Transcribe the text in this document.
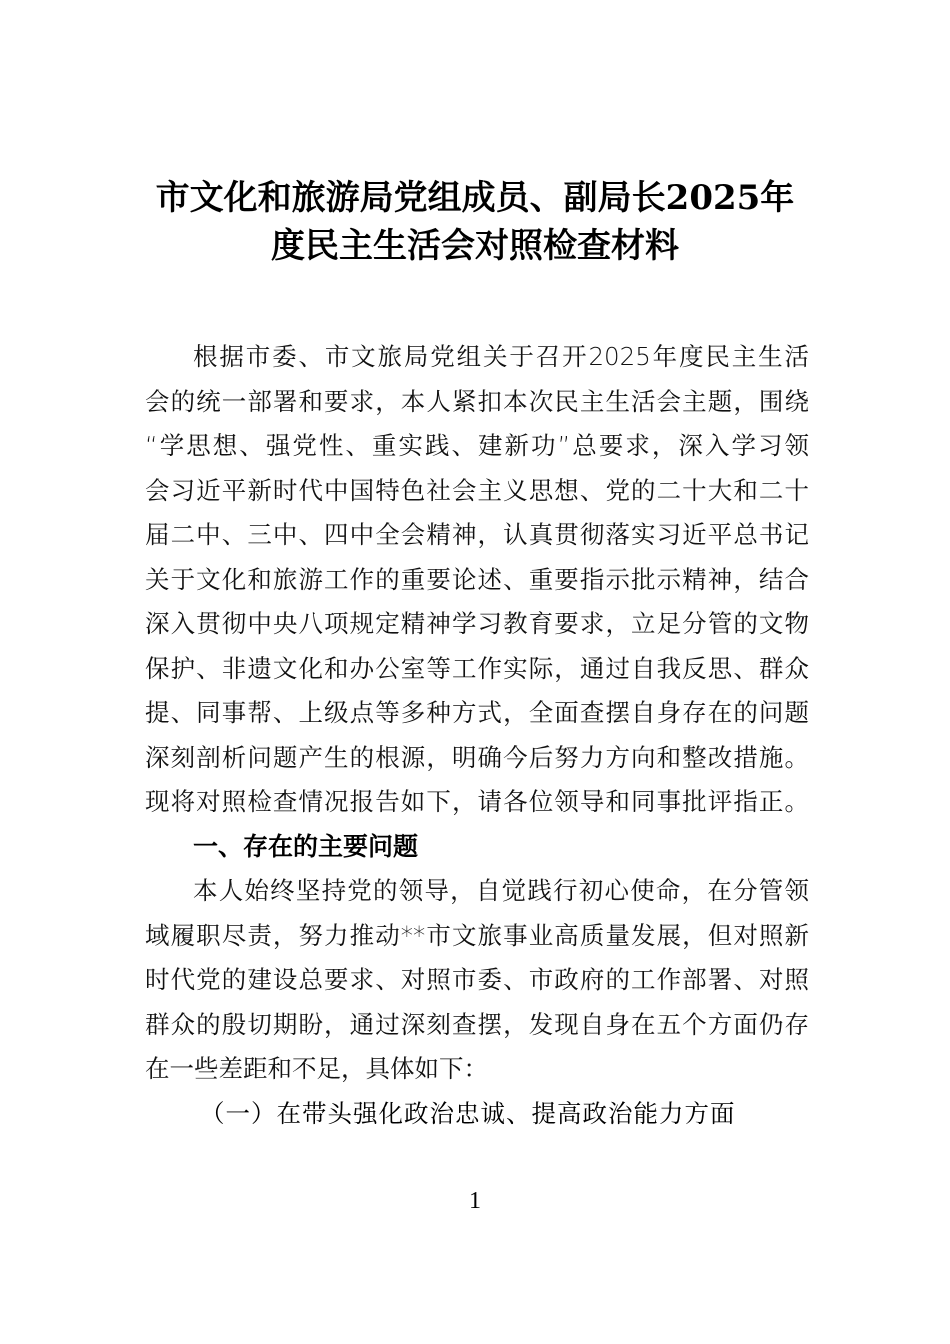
市文化和旅游局党组成员、副局长2025年
度民主生活会对照检查材料
根据市委、市文旅局党组关于召开2025年度民主生活
会的统一部署和要求，本人紧扣本次民主生活会主题，围绕
“学思想、强党性、重实践、建新功”总要求，深入学习领
会习近平新时代中国特色社会主义思想、党的二十大和二十
届二中、三中、四中全会精神，认真贯彻落实习近平总书记
关于文化和旅游工作的重要论述、重要指示批示精神，结合
深入贯彻中央八项规定精神学习教育要求，立足分管的文物
保护、非遗文化和办公室等工作实际，通过自我反思、群众
提、同事帮、上级点等多种方式，全面查摆自身存在的问题
深刻剖析问题产生的根源，明确今后努力方向和整改措施。
现将对照检查情况报告如下，请各位领导和同事批评指正。
一、存在的主要问题
本人始终坚持党的领导，自觉践行初心使命，在分管领
域履职尽责，努力推动**市文旅事业高质量发展，但对照新
时代党的建设总要求、对照市委、市政府的工作部署、对照
群众的殷切期盼，通过深刻查摆，发现自身在五个方面仍存
在一些差距和不足，具体如下：
（一）在带头强化政治忠诚、提高政治能力方面
1
